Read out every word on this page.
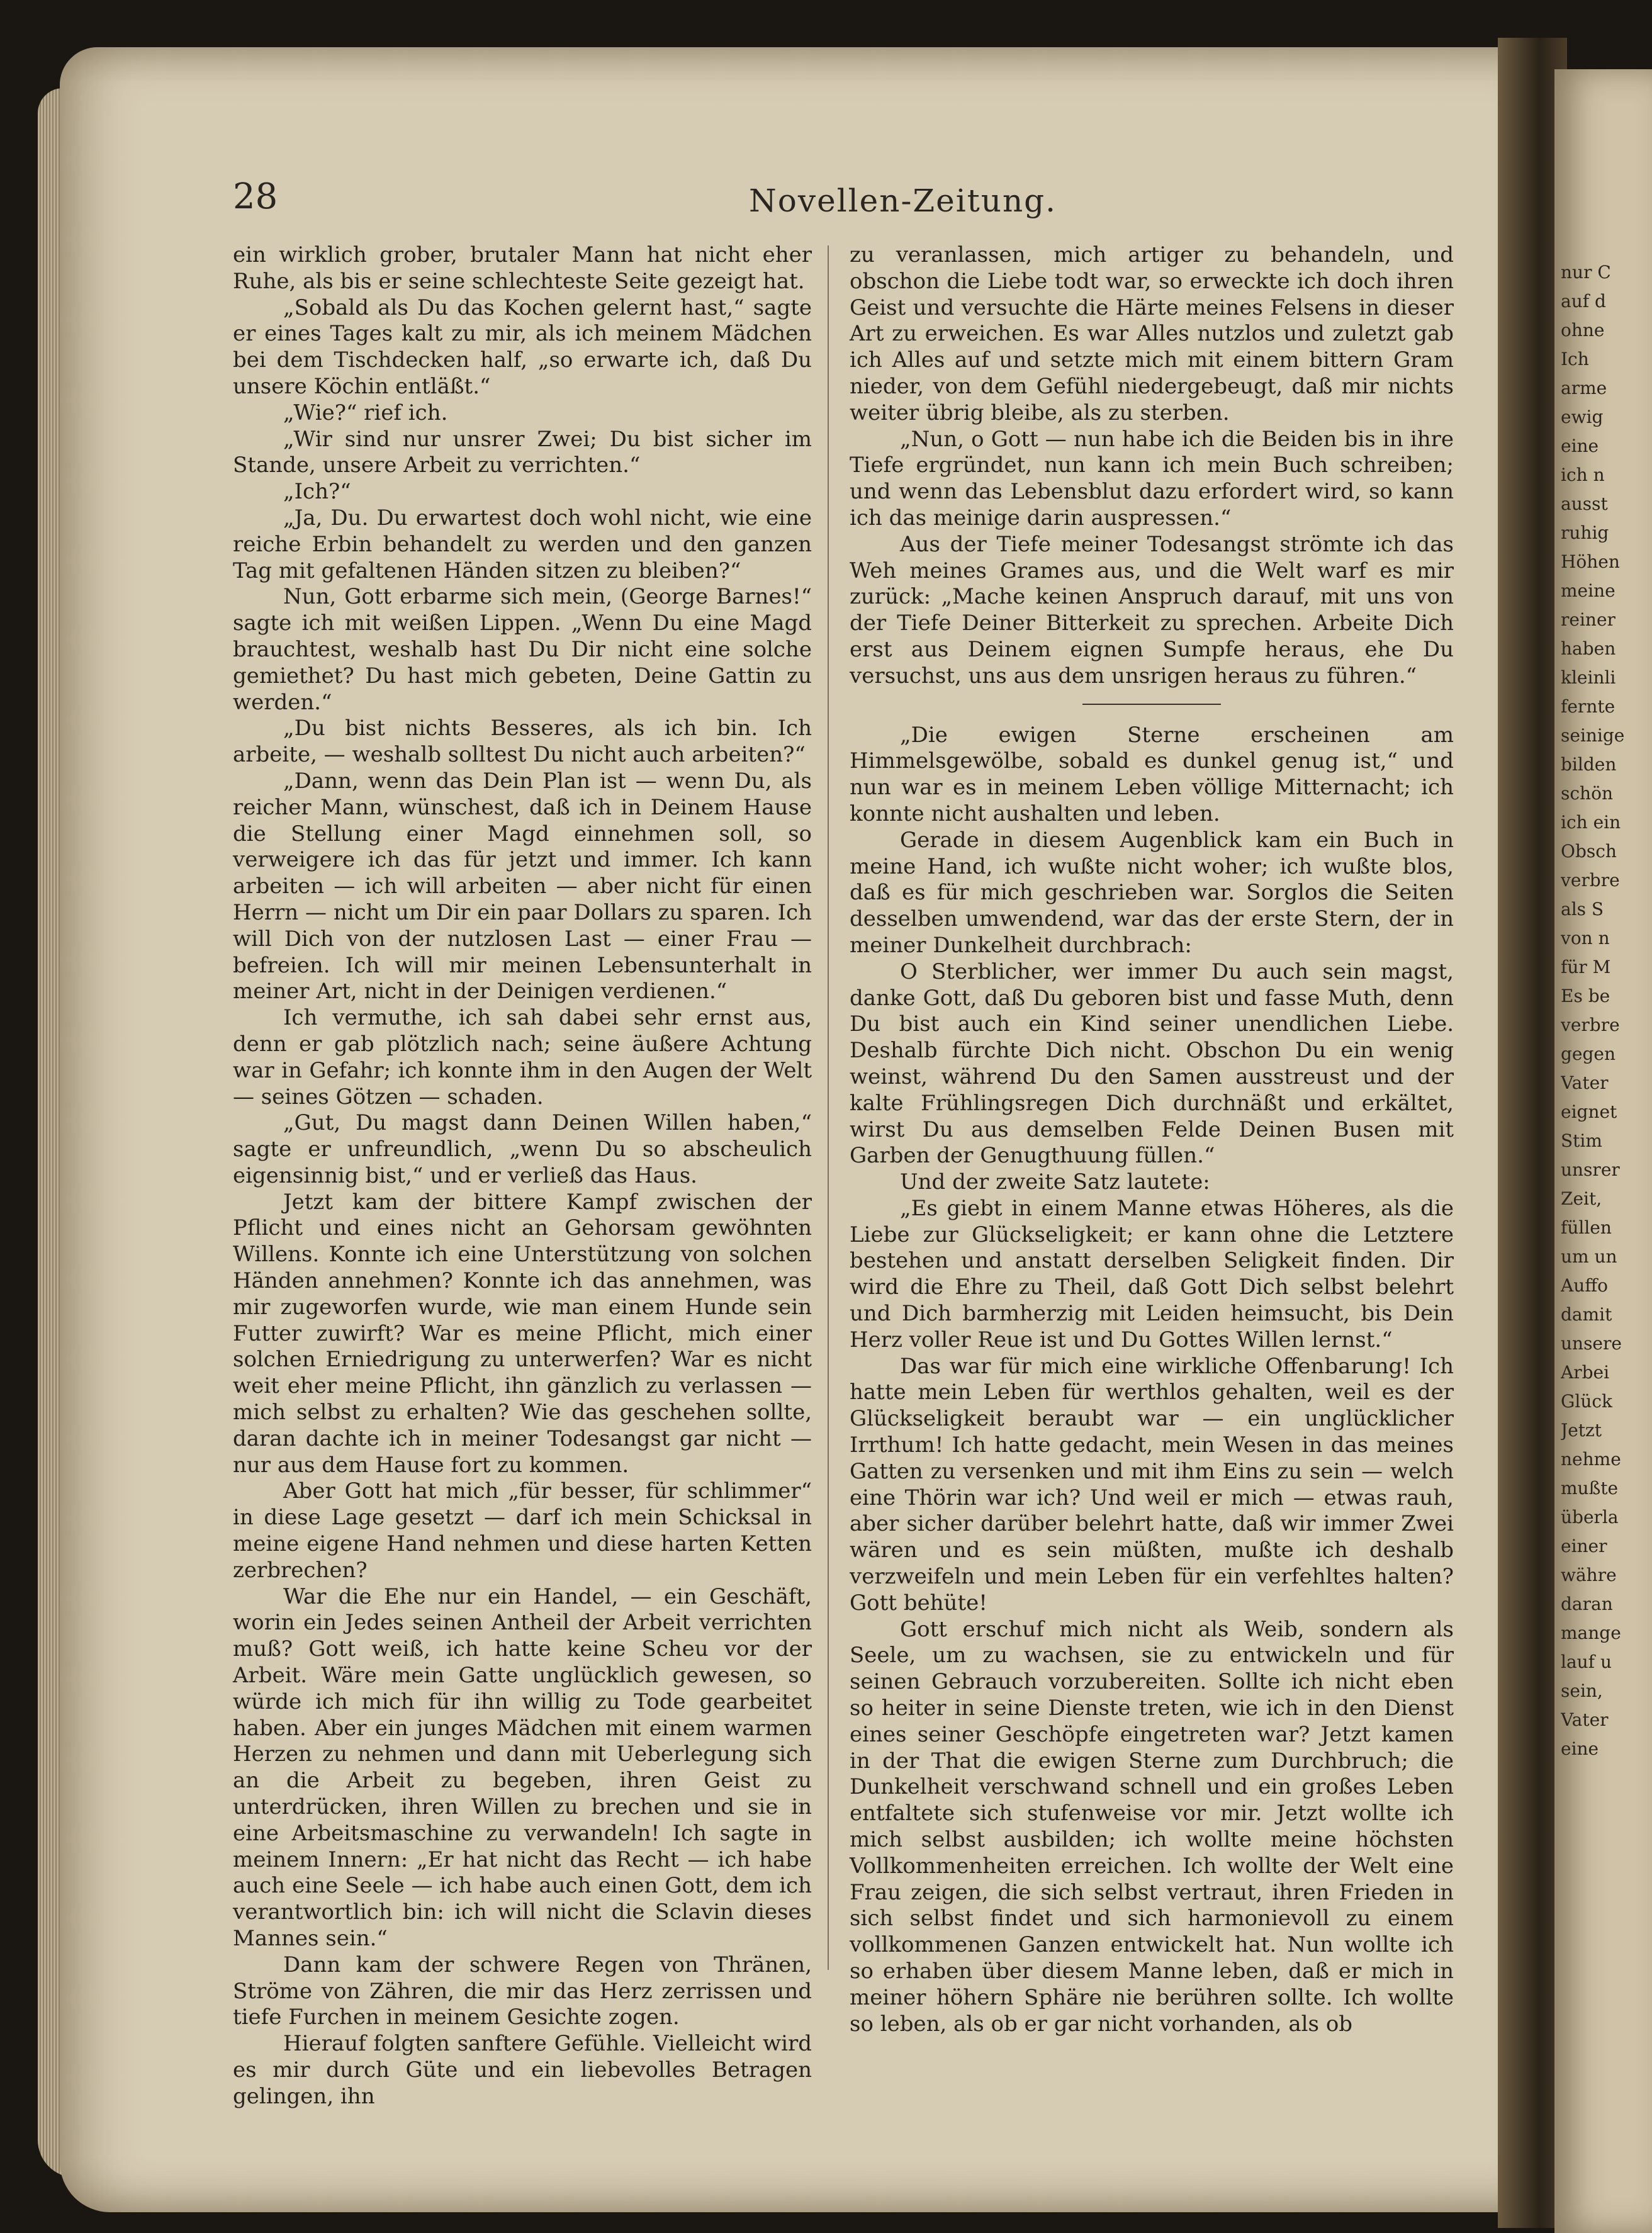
28	Novellen-Zeitung.

ein wirklich grober, brutaler Mann hat nicht eher Ruhe, als bis er seine schlechteste Seite gezeigt hat.

„Sobald als Du das Kochen gelernt hast,“ sagte er eines Tages kalt zu mir, als ich meinem Mädchen bei dem Tischdecken half, „so erwarte ich, daß Du unsere Köchin entläßt.“

„Wie?“ rief ich.

„Wir sind nur unsrer Zwei; Du bist sicher im Stande, unsere Arbeit zu verrichten.“

„Ich?“

„Ja, Du. Du erwartest doch wohl nicht, wie eine reiche Erbin behandelt zu werden und den ganzen Tag mit gefaltenen Händen sitzen zu bleiben?“

Nun, Gott erbarme sich mein, (George Barnes!“ sagte ich mit weißen Lippen. „Wenn Du eine Magd brauchtest, weshalb hast Du Dir nicht eine solche gemiethet? Du hast mich gebeten, Deine Gattin zu werden.“

„Du bist nichts Besseres, als ich bin. Ich arbeite, — weshalb solltest Du nicht auch arbeiten?“

„Dann, wenn das Dein Plan ist — wenn Du, als reicher Mann, wünschest, daß ich in Deinem Hause die Stellung einer Magd einnehmen soll, so verweigere ich das für jetzt und immer. Ich kann arbeiten — ich will arbeiten — aber nicht für einen Herrn — nicht um Dir ein paar Dollars zu sparen. Ich will Dich von der nutzlosen Last — einer Frau — befreien. Ich will mir meinen Lebensunterhalt in meiner Art, nicht in der Deinigen verdienen.“

Ich vermuthe, ich sah dabei sehr ernst aus, denn er gab plötzlich nach; seine äußere Achtung war in Gefahr; ich konnte ihm in den Augen der Welt — seines Götzen — schaden.

„Gut, Du magst dann Deinen Willen haben,“ sagte er unfreundlich, „wenn Du so abscheulich eigensinnig bist,“ und er verließ das Haus.

Jetzt kam der bittere Kampf zwischen der Pflicht und eines nicht an Gehorsam gewöhnten Willens. Konnte ich eine Unterstützung von solchen Händen annehmen? Konnte ich das annehmen, was mir zugeworfen wurde, wie man einem Hunde sein Futter zuwirft? War es meine Pflicht, mich einer solchen Erniedrigung zu unterwerfen? War es nicht weit eher meine Pflicht, ihn gänzlich zu verlassen — mich selbst zu erhalten? Wie das geschehen sollte, daran dachte ich in meiner Todesangst gar nicht — nur aus dem Hause fort zu kommen.

Aber Gott hat mich „für besser, für schlimmer“ in diese Lage gesetzt — darf ich mein Schicksal in meine eigene Hand nehmen und diese harten Ketten zerbrechen?

War die Ehe nur ein Handel, — ein Geschäft, worin ein Jedes seinen Antheil der Arbeit verrichten muß? Gott weiß, ich hatte keine Scheu vor der Arbeit. Wäre mein Gatte unglücklich gewesen, so würde ich mich für ihn willig zu Tode gearbeitet haben. Aber ein junges Mädchen mit einem warmen Herzen zu nehmen und dann mit Ueberlegung sich an die Arbeit zu begeben, ihren Geist zu unterdrücken, ihren Willen zu brechen und sie in eine Arbeitsmaschine zu verwandeln! Ich sagte in meinem Innern: „Er hat nicht das Recht — ich habe auch eine Seele — ich habe auch einen Gott, dem ich verantwortlich bin: ich will nicht die Sclavin dieses Mannes sein.“

Dann kam der schwere Regen von Thränen, Ströme von Zähren, die mir das Herz zerrissen und tiefe Furchen in meinem Gesichte zogen.

Hierauf folgten sanftere Gefühle. Vielleicht wird es mir durch Güte und ein liebevolles Betragen gelingen, ihn

zu veranlassen, mich artiger zu behandeln, und obschon die Liebe todt war, so erweckte ich doch ihren Geist und versuchte die Härte meines Felsens in dieser Art zu erweichen. Es war Alles nutzlos und zuletzt gab ich Alles auf und setzte mich mit einem bittern Gram nieder, von dem Gefühl niedergebeugt, daß mir nichts weiter übrig bleibe, als zu sterben.

„Nun, o Gott — nun habe ich die Beiden bis in ihre Tiefe ergründet, nun kann ich mein Buch schreiben; und wenn das Lebensblut dazu erfordert wird, so kann ich das meinige darin auspressen.“

Aus der Tiefe meiner Todesangst strömte ich das Weh meines Grames aus, und die Welt warf es mir zurück: „Mache keinen Anspruch darauf, mit uns von der Tiefe Deiner Bitterkeit zu sprechen. Arbeite Dich erst aus Deinem eignen Sumpfe heraus, ehe Du versuchst, uns aus dem unsrigen heraus zu führen.“

„Die ewigen Sterne erscheinen am Himmelsgewölbe, sobald es dunkel genug ist,“ und nun war es in meinem Leben völlige Mitternacht; ich konnte nicht aushalten und leben.

Gerade in diesem Augenblick kam ein Buch in meine Hand, ich wußte nicht woher; ich wußte blos, daß es für mich geschrieben war. Sorglos die Seiten desselben umwendend, war das der erste Stern, der in meiner Dunkelheit durchbrach:

O Sterblicher, wer immer Du auch sein magst, danke Gott, daß Du geboren bist und fasse Muth, denn Du bist auch ein Kind seiner unendlichen Liebe. Deshalb fürchte Dich nicht. Obschon Du ein wenig weinst, während Du den Samen ausstreust und der kalte Frühlingsregen Dich durchnäßt und erkältet, wirst Du aus demselben Felde Deinen Busen mit Garben der Genugthuung füllen.“

Und der zweite Satz lautete:

„Es giebt in einem Manne etwas Höheres, als die Liebe zur Glückseligkeit; er kann ohne die Letztere bestehen und anstatt derselben Seligkeit finden. Dir wird die Ehre zu Theil, daß Gott Dich selbst belehrt und Dich barmherzig mit Leiden heimsucht, bis Dein Herz voller Reue ist und Du Gottes Willen lernst.“

Das war für mich eine wirkliche Offenbarung! Ich hatte mein Leben für werthlos gehalten, weil es der Glückseligkeit beraubt war — ein unglücklicher Irrthum! Ich hatte gedacht, mein Wesen in das meines Gatten zu versenken und mit ihm Eins zu sein — welch eine Thörin war ich? Und weil er mich — etwas rauh, aber sicher darüber belehrt hatte, daß wir immer Zwei wären und es sein müßten, mußte ich deshalb verzweifeln und mein Leben für ein verfehltes halten? Gott behüte!

Gott erschuf mich nicht als Weib, sondern als Seele, um zu wachsen, sie zu entwickeln und für seinen Gebrauch vorzubereiten. Sollte ich nicht eben so heiter in seine Dienste treten, wie ich in den Dienst eines seiner Geschöpfe eingetreten war? Jetzt kamen in der That die ewigen Sterne zum Durchbruch; die Dunkelheit verschwand schnell und ein großes Leben entfaltete sich stufenweise vor mir. Jetzt wollte ich mich selbst ausbilden; ich wollte meine höchsten Vollkommenheiten erreichen. Ich wollte der Welt eine Frau zeigen, die sich selbst vertraut, ihren Frieden in sich selbst findet und sich harmonievoll zu einem vollkommenen Ganzen entwickelt hat. Nun wollte ich so erhaben über diesem Manne leben, daß er mich in meiner höhern Sphäre nie berühren sollte. Ich wollte so leben, als ob er gar nicht vorhanden, als ob

nur C
auf d
ohne
Ich
arme
ewig
eine
ich n
ausst
ruhig
Höhen
meine
reiner
haben
kleinli
fernte
seinige
bilden
schön
ich ein
Obsch
verbre
als S
von n
für M
Es be
verbre
gegen
Vater
eignet
Stim
unsrer
Zeit,
füllen
um un
Auffo
damit
unsere
Arbei
Glück
Jetzt
nehme
mußte
überla
einer
währe
daran
mange
lauf u
sein,
Vater
eine
